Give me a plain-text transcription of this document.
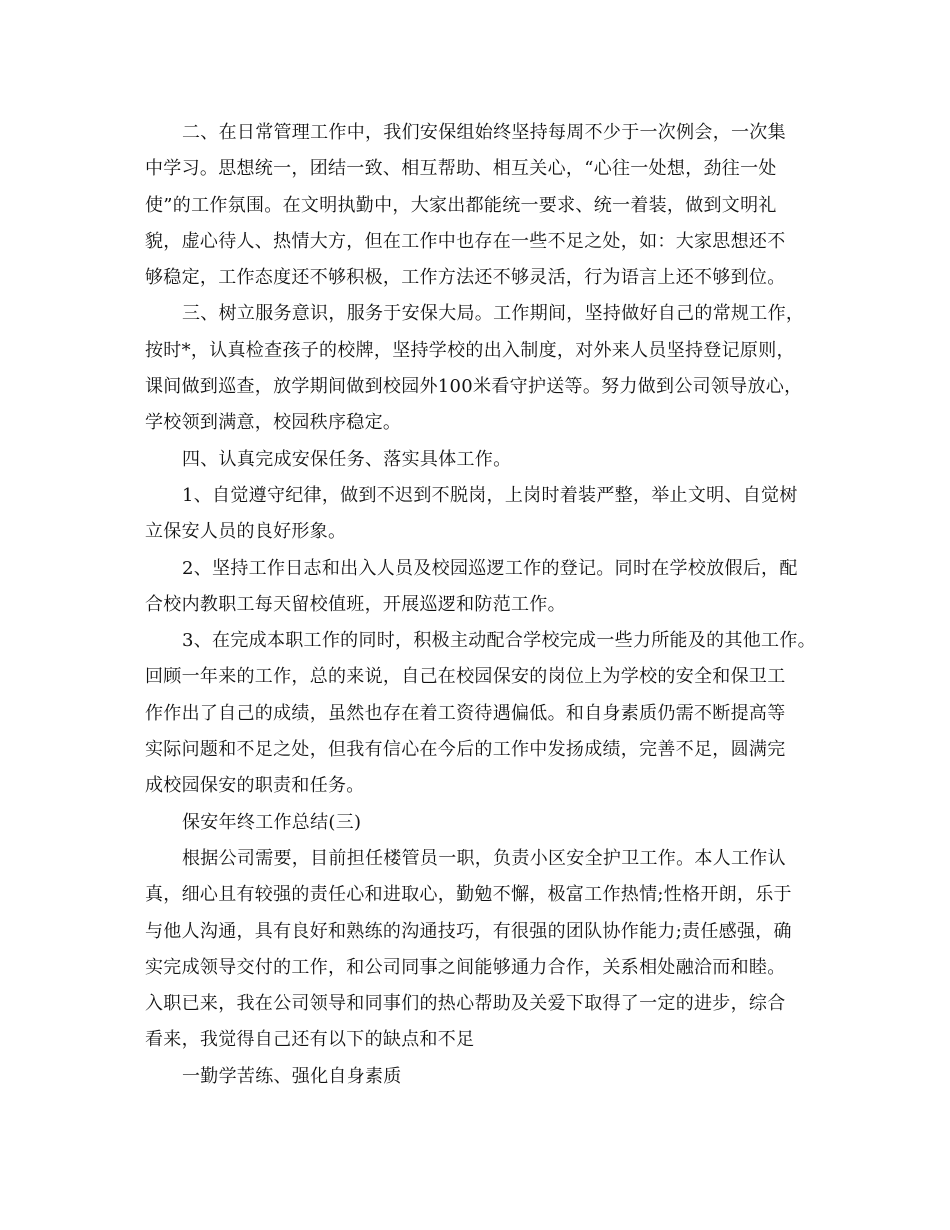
二、在日常管理工作中，我们安保组始终坚持每周不少于一次例会，一次集
中学习。思想统一，团结一致、相互帮助、相互关心，“心往一处想，劲往一处
使”的工作氛围。在文明执勤中，大家出都能统一要求、统一着装，做到文明礼
貌，虚心待人、热情大方，但在工作中也存在一些不足之处，如：大家思想还不
够稳定，工作态度还不够积极，工作方法还不够灵活，行为语言上还不够到位。

三、树立服务意识，服务于安保大局。工作期间，坚持做好自己的常规工作，
按时*，认真检查孩子的校牌，坚持学校的出入制度，对外来人员坚持登记原则，
课间做到巡查，放学期间做到校园外100米看守护送等。努力做到公司领导放心，
学校领到满意，校园秩序稳定。

四、认真完成安保任务、落实具体工作。

1、自觉遵守纪律，做到不迟到不脱岗，上岗时着装严整，举止文明、自觉树
立保安人员的良好形象。

2、坚持工作日志和出入人员及校园巡逻工作的登记。同时在学校放假后，配
合校内教职工每天留校值班，开展巡逻和防范工作。

3、在完成本职工作的同时，积极主动配合学校完成一些力所能及的其他工作。
回顾一年来的工作，总的来说，自己在校园保安的岗位上为学校的安全和保卫工
作作出了自己的成绩，虽然也存在着工资待遇偏低。和自身素质仍需不断提高等
实际问题和不足之处，但我有信心在今后的工作中发扬成绩，完善不足，圆满完
成校园保安的职责和任务。

保安年终工作总结(三)

根据公司需要，目前担任楼管员一职，负责小区安全护卫工作。本人工作认
真，细心且有较强的责任心和进取心，勤勉不懈，极富工作热情;性格开朗，乐于
与他人沟通，具有良好和熟练的沟通技巧，有很强的团队协作能力;责任感强，确
实完成领导交付的工作，和公司同事之间能够通力合作，关系相处融洽而和睦。
入职已来，我在公司领导和同事们的热心帮助及关爱下取得了一定的进步，综合
看来，我觉得自己还有以下的缺点和不足

一勤学苦练、强化自身素质
